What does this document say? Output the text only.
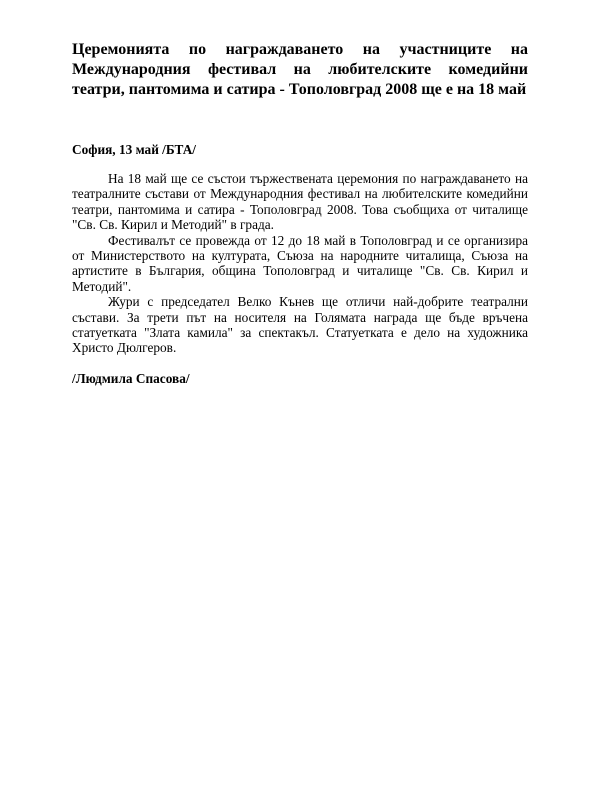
Церемонията по награждаването на участниците на Международния фестивал на любителските комедийни театри, пантомима и сатира - Тополовград 2008 ще е на 18 май

София, 13 май /БТА/

На 18 май ще се състои тържествената церемония по награждаването на театралните състави от Международния фестивал на любителските комедийни театри, пантомима и сатира - Тополовград 2008. Това съобщиха от читалище "Св. Св. Кирил и Методий" в града.

Фестивалът се провежда от 12 до 18 май в Тополовград и се организира от Министерството на културата, Съюза на народните читалища, Съюза на артистите в България, община Тополовград и читалище "Св. Св. Кирил и Методий".

Жури с председател Велко Кънев ще отличи най-добрите театрални състави. За трети път на носителя на Голямата награда ще бъде връчена статуетката "Злата камила" за спектакъл. Статуетката е дело на художника Христо Дюлгеров.

/Людмила Спасова/
